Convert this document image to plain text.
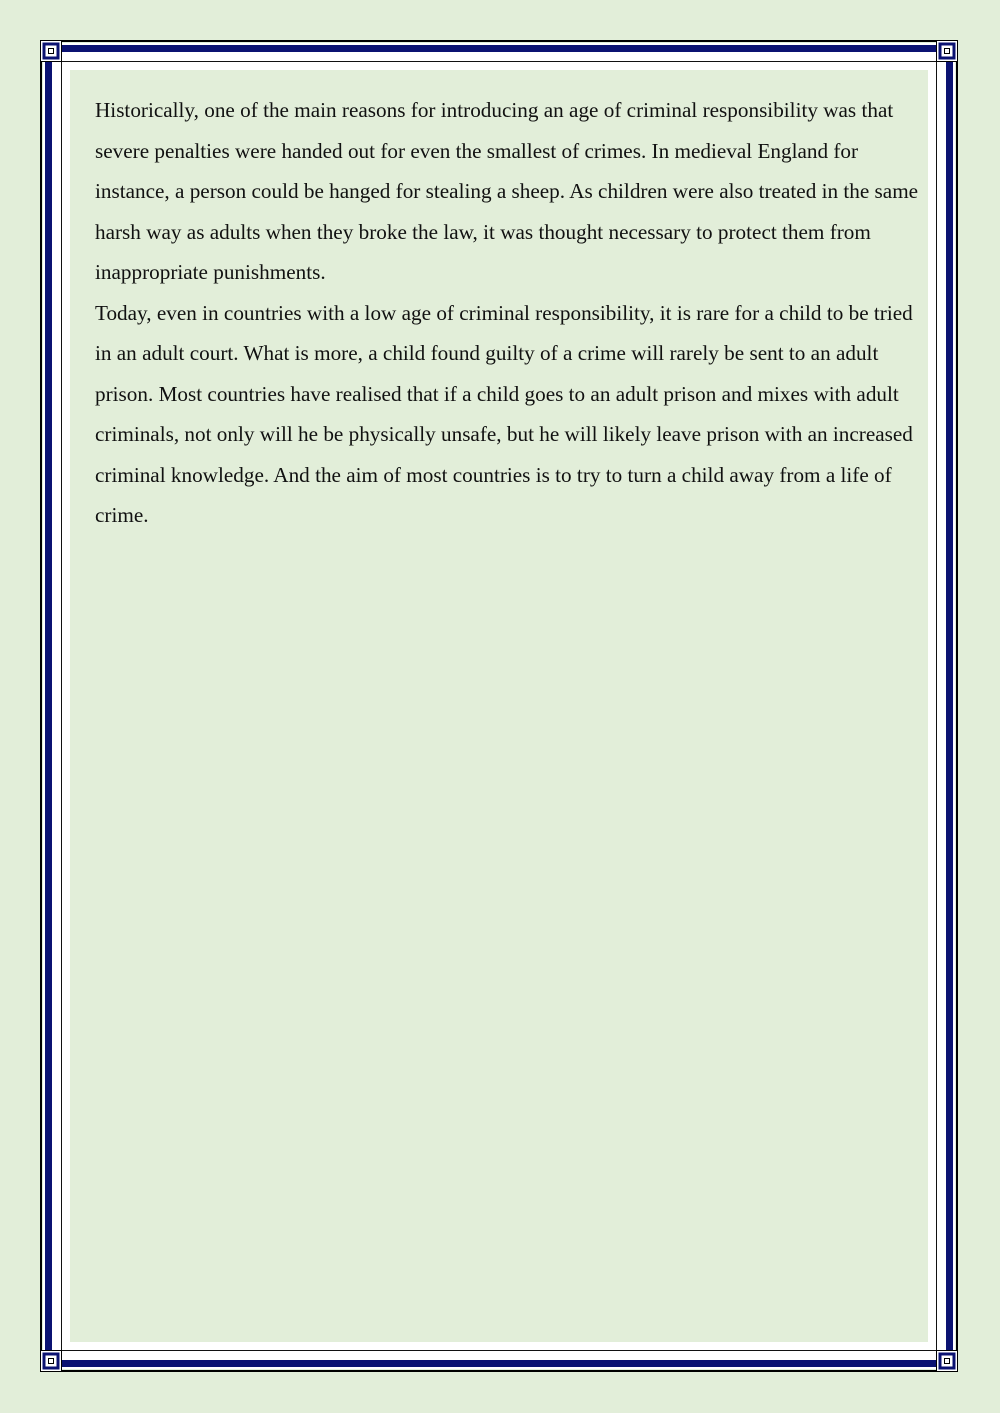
Historically, one of the main reasons for introducing an age of criminal responsibility was that severe penalties were handed out for even the smallest of crimes. In medieval England for instance, a person could be hanged for stealing a sheep. As children were also treated in the same harsh way as adults when they broke the law, it was thought necessary to protect them from inappropriate punishments.

Today, even in countries with a low age of criminal responsibility, it is rare for a child to be tried in an adult court. What is more, a child found guilty of a crime will rarely be sent to an adult prison. Most countries have realised that if a child goes to an adult prison and mixes with adult criminals, not only will he be physically unsafe, but he will likely leave prison with an increased criminal knowledge. And the aim of most countries is to try to turn a child away from a life of crime.
